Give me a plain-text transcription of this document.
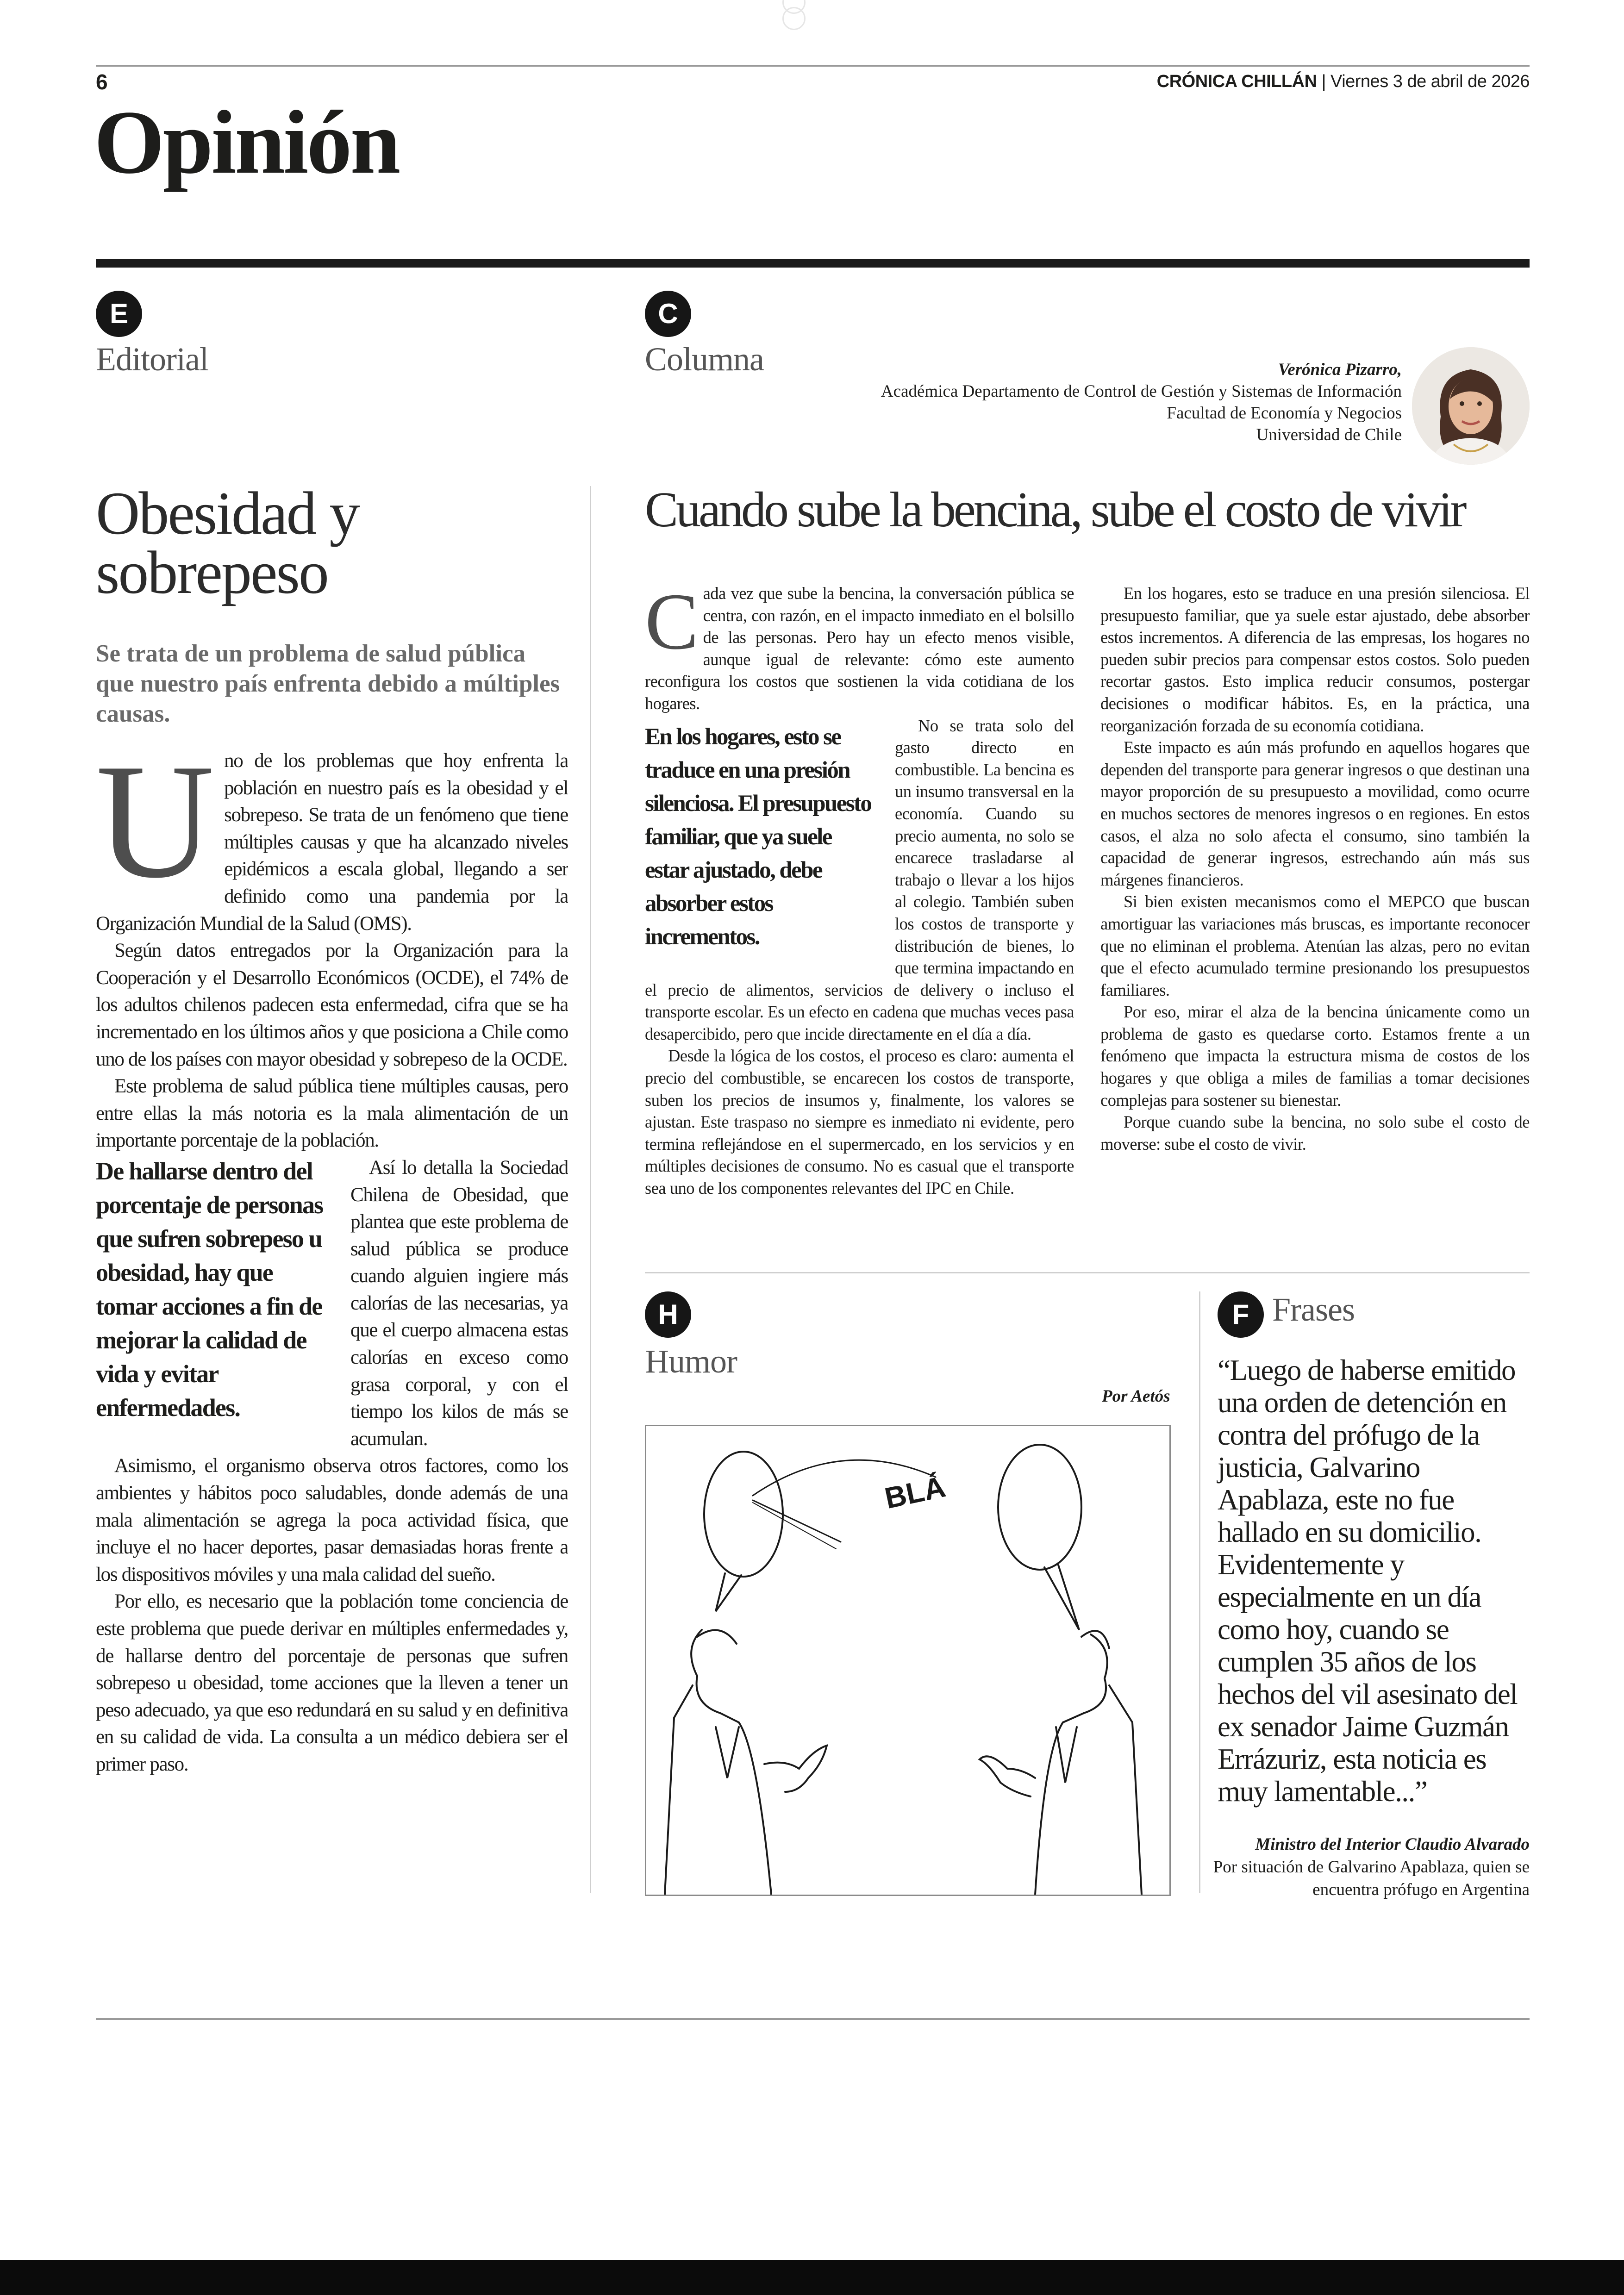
6	CRÓNICA CHILLÁN | Viernes 3 de abril de 2026
Opinión
E
Editorial
Obesidad y sobrepeso
Se trata de un problema de salud pública que nuestro país enfrenta debido a múltiples causas.
U no de los problemas que hoy enfrenta la población en nuestro país es la obesidad y el sobrepeso. Se trata de un fenómeno que tiene múltiples causas y que ha alcanzado niveles epidémicos a escala global, llegando a ser definido como una pandemia por la Organización Mundial de la Salud (OMS).

Según datos entregados por la Organización para la Cooperación y el Desarrollo Económicos (OCDE), el 74% de los adultos chilenos padecen esta enfermedad, cifra que se ha incrementado en los últimos años y que posiciona a Chile como uno de los países con mayor obesidad y sobrepeso de la OCDE.

Este problema de salud pública tiene múltiples causas, pero entre ellas la más notoria es la mala alimentación de un importante porcentaje de la población.

De hallarse dentro del porcentaje de personas que sufren sobrepeso u obesidad, hay que tomar acciones a fin de mejorar la calidad de vida y evitar enfermedades.

Así lo detalla la Sociedad Chilena de Obesidad, que plantea que este problema de salud pública se produce cuando alguien ingiere más calorías de las necesarias, ya que el cuerpo almacena estas calorías en exceso como grasa corporal, y con el tiempo los kilos de más se acumulan.

Asimismo, el organismo observa otros factores, como los ambientes y hábitos poco saludables, donde además de una mala alimentación se agrega la poca actividad física, que incluye el no hacer deportes, pasar demasiadas horas frente a los dispositivos móviles y una mala calidad del sueño.

Por ello, es necesario que la población tome conciencia de este problema que puede derivar en múltiples enfermedades y, de hallarse dentro del porcentaje de personas que sufren sobrepeso u obesidad, tome acciones que la lleven a tener un peso adecuado, ya que eso redundará en su salud y en definitiva en su calidad de vida. La consulta a un médico debiera ser el primer paso.

C
Columna	Verónica Pizarro,
Académica Departamento de Control de Gestión y Sistemas de Información
Facultad de Economía y Negocios
Universidad de Chile
Cuando sube la bencina, sube el costo de vivir
C ada vez que sube la bencina, la conversación pública se centra, con razón, en el impacto inmediato en el bolsillo de las personas. Pero hay un efecto menos visible, aunque igual de relevante: cómo este aumento reconfigura los costos que sostienen la vida cotidiana de los hogares.

En los hogares, esto se traduce en una presión silenciosa. El presupuesto familiar, que ya suele estar ajustado, debe absorber estos incrementos.

No se trata solo del gasto directo en combustible. La bencina es un insumo transversal en la economía. Cuando su precio aumenta, no solo se encarece trasladarse al trabajo o llevar a los hijos al colegio. También suben los costos de transporte y distribución de bienes, lo que termina impactando en el precio de alimentos, servicios de delivery o incluso el transporte escolar. Es un efecto en cadena que muchas veces pasa desapercibido, pero que incide directamente en el día a día.

Desde la lógica de los costos, el proceso es claro: aumenta el precio del combustible, se encarecen los costos de transporte, suben los precios de insumos y, finalmente, los valores se ajustan. Este traspaso no siempre es inmediato ni evidente, pero termina reflejándose en el supermercado, en los servicios y en múltiples decisiones de consumo. No es casual que el transporte sea uno de los componentes relevantes del IPC en Chile.

En los hogares, esto se traduce en una presión silenciosa. El presupuesto familiar, que ya suele estar ajustado, debe absorber estos incrementos. A diferencia de las empresas, los hogares no pueden subir precios para compensar estos costos. Solo pueden recortar gastos. Esto implica reducir consumos, postergar decisiones o modificar hábitos. Es, en la práctica, una reorganización forzada de su economía cotidiana.

Este impacto es aún más profundo en aquellos hogares que dependen del transporte para generar ingresos o que destinan una mayor proporción de su presupuesto a movilidad, como ocurre en muchos sectores de menores ingresos o en regiones. En estos casos, el alza no solo afecta el consumo, sino también la capacidad de generar ingresos, estrechando aún más sus márgenes financieros.

Si bien existen mecanismos como el MEPCO que buscan amortiguar las variaciones más bruscas, es importante reconocer que no eliminan el problema. Atenúan las alzas, pero no evitan que el efecto acumulado termine presionando los presupuestos familiares.

Por eso, mirar el alza de la bencina únicamente como un problema de gasto es quedarse corto. Estamos frente a un fenómeno que impacta la estructura misma de costos de los hogares y que obliga a miles de familias a tomar decisiones complejas para sostener su bienestar.

Porque cuando sube la bencina, no solo sube el costo de moverse: sube el costo de vivir.

H
Humor
Por Aetós
BLÁ
F Frases
“Luego de haberse emitido una orden de detención en contra del prófugo de la justicia, Galvarino Apablaza, este no fue hallado en su domicilio. Evidentemente y especialmente en un día como hoy, cuando se cumplen 35 años de los hechos del vil asesinato del ex senador Jaime Guzmán Errázuriz, esta noticia es muy lamentable...”
Ministro del Interior Claudio Alvarado
Por situación de Galvarino Apablaza, quien se encuentra prófugo en Argentina
